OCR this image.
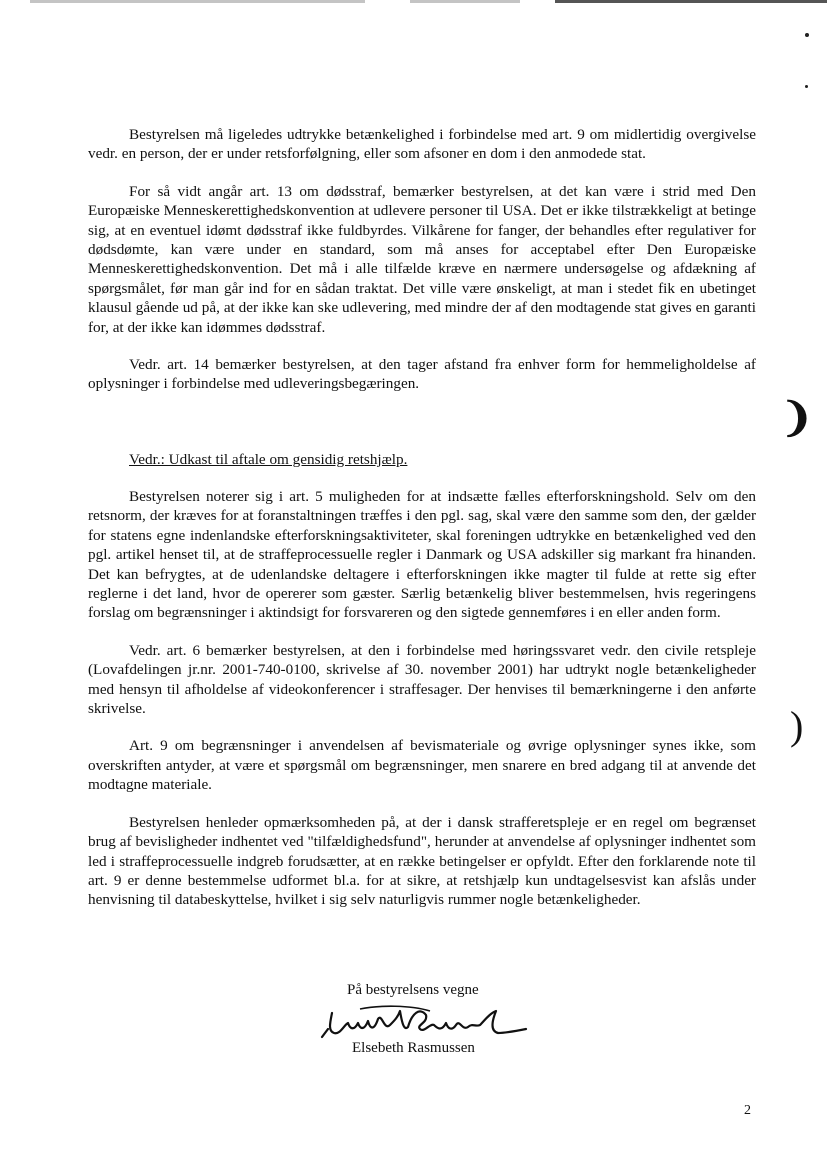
❩
)

Bestyrelsen må ligeledes udtrykke betænkelighed i forbindelse med art. 9 om midlertidig overgivelse vedr. en person, der er under retsforfølgning, eller som afsoner en dom i den anmodede stat.

For så vidt angår art. 13 om dødsstraf, bemærker bestyrelsen, at det kan være i strid med Den Europæiske Menneskerettighedskonvention at udlevere personer til USA. Det er ikke tilstrækkeligt at betinge sig, at en eventuel idømt dødsstraf ikke fuldbyrdes. Vilkårene for fanger, der behandles efter regulativer for dødsdømte, kan være under en standard, som må anses for acceptabel efter Den Europæiske Menneskerettighedskonvention. Det må i alle tilfælde kræve en nærmere undersøgelse og afdækning af spørgsmålet, før man går ind for en sådan traktat. Det ville være ønskeligt, at man i stedet fik en ubetinget klausul gående ud på, at der ikke kan ske udlevering, med mindre der af den modtagende stat gives en garanti for, at der ikke kan idømmes dødsstraf.

Vedr. art. 14 bemærker bestyrelsen, at den tager afstand fra enhver form for hemmeligholdelse af oplysninger i forbindelse med udleveringsbegæringen.

Vedr.: Udkast til aftale om gensidig retshjælp.

Bestyrelsen noterer sig i art. 5 muligheden for at indsætte fælles efterforskningshold. Selv om den retsnorm, der kræves for at foranstaltningen træffes i den pgl. sag, skal være den samme som den, der gælder for statens egne indenlandske efterforskningsaktiviteter, skal foreningen udtrykke en betænkelighed ved den pgl. artikel henset til, at de straffeprocessuelle regler i Danmark og USA adskiller sig markant fra hinanden. Det kan befrygtes, at de udenlandske deltagere i efterforskningen ikke magter til fulde at rette sig efter reglerne i det land, hvor de opererer som gæster. Særlig betænkelig bliver bestemmelsen, hvis regeringens forslag om begrænsninger i aktindsigt for forsvareren og den sigtede gennemføres i en eller anden form.

Vedr. art. 6 bemærker bestyrelsen, at den i forbindelse med høringssvaret vedr. den civile retspleje (Lovafdelingen jr.nr. 2001-740-0100, skrivelse af 30. november 2001) har udtrykt nogle betænkeligheder med hensyn til afholdelse af videokonferencer i straffesager. Der henvises til bemærkningerne i den anførte skrivelse.

Art. 9 om begrænsninger i anvendelsen af bevismateriale og øvrige oplysninger synes ikke, som overskriften antyder, at være et spørgsmål om begrænsninger, men snarere en bred adgang til at anvende det modtagne materiale.

Bestyrelsen henleder opmærksomheden på, at der i dansk strafferetspleje er en regel om begrænset brug af bevisligheder indhentet ved "tilfældighedsfund", herunder at anvendelse af oplysninger indhentet som led i straffeprocessuelle indgreb forudsætter, at en række betingelser er opfyldt. Efter den forklarende note til art. 9 er denne bestemmelse udformet bl.a. for at sikre, at retshjælp kun undtagelsesvist kan afslås under henvisning til databeskyttelse, hvilket i sig selv naturligvis rummer nogle betænkeligheder.

På bestyrelsens vegne
Elsebeth Rasmussen
2
